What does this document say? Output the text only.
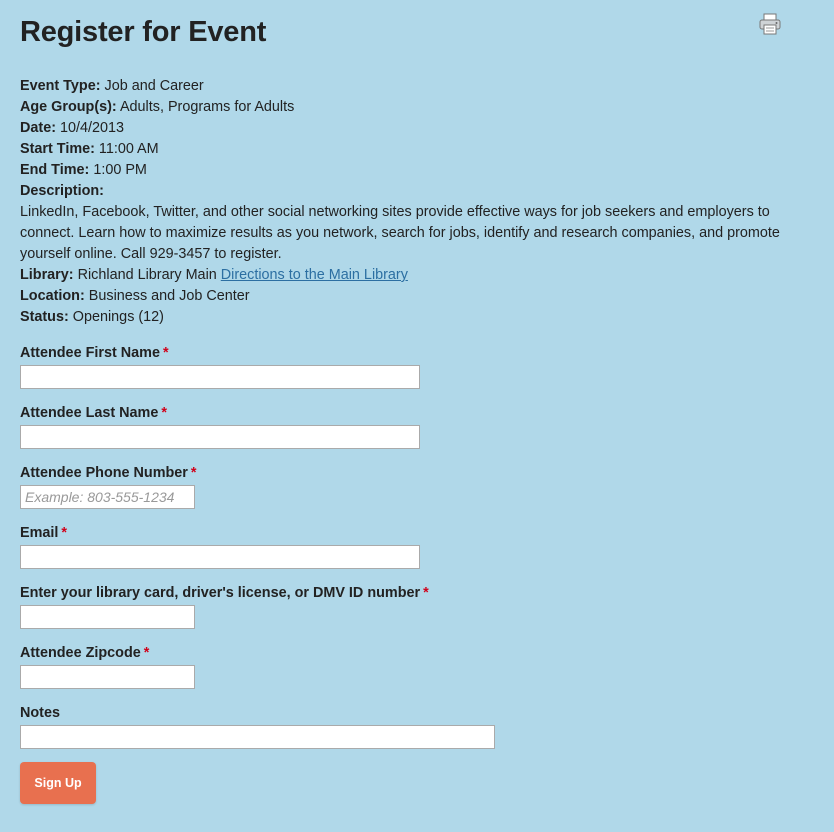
Register for Event

Event Type: Job and Career

Age Group(s): Adults, Programs for Adults

Date: 10/4/2013

Start Time: 11:00 AM

End Time: 1:00 PM

Description:

LinkedIn, Facebook, Twitter, and other social networking sites provide effective ways for job seekers and employers to connect. Learn how to maximize results as you network, search for jobs, identify and research companies, and promote yourself online. Call 929-3457 to register.

Library: Richland Library Main Directions to the Main Library

Location: Business and Job Center

Status: Openings (12)

Attendee First Name *
Attendee Last Name *
Attendee Phone Number *
Example: 803-555-1234
Email *
Enter your library card, driver's license, or DMV ID number *
Attendee Zipcode *
Notes
Sign Up
